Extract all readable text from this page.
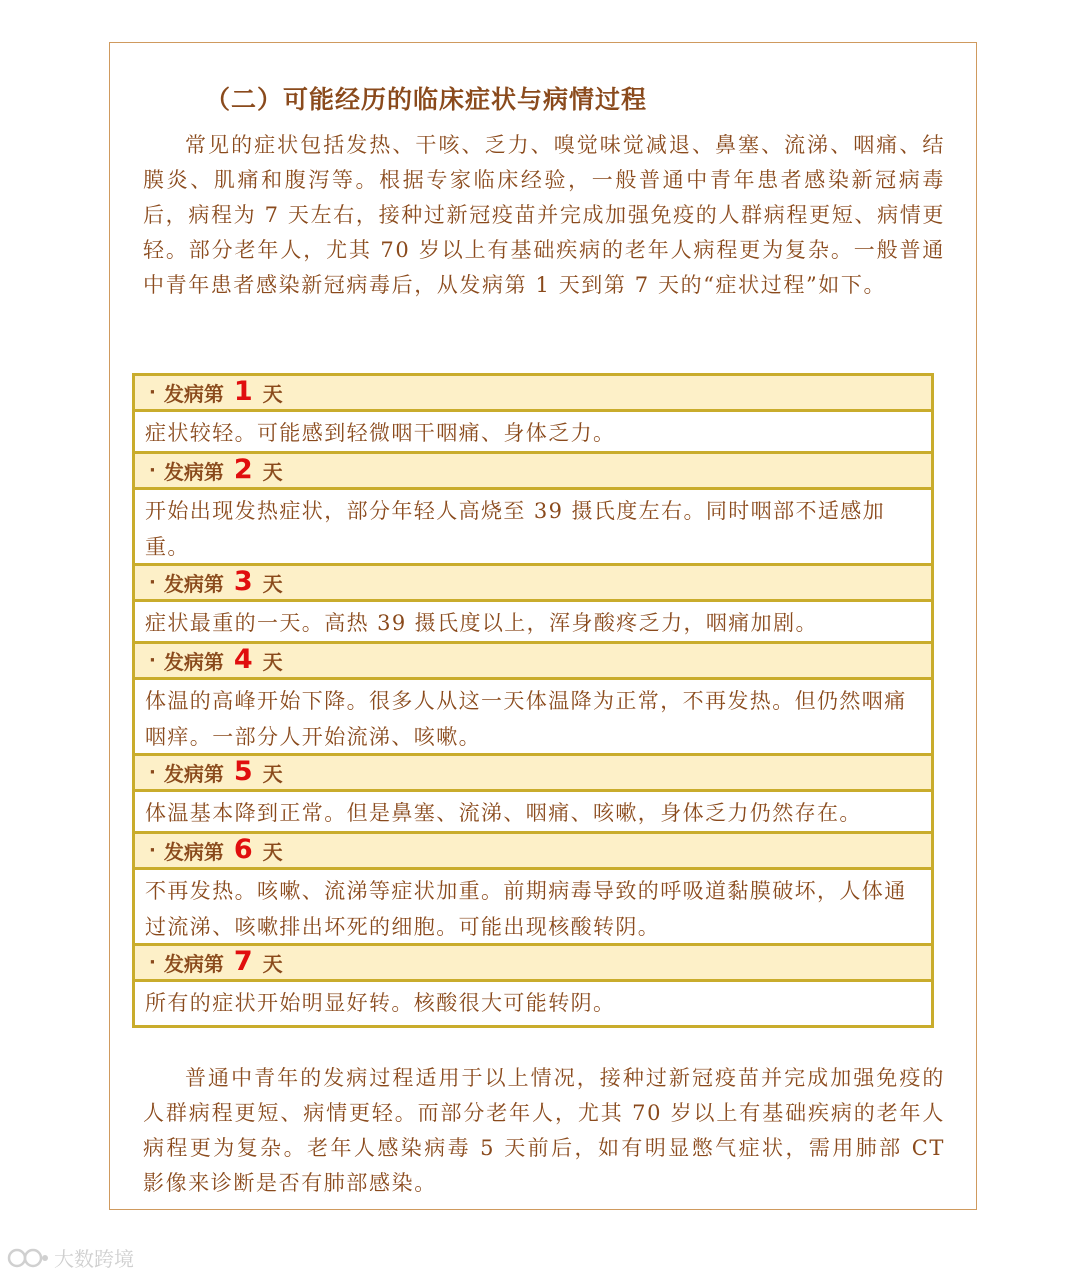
（二）可能经历的临床症状与病情过程

常见的症状包括发热、干咳、乏力、嗅觉味觉减退、鼻塞、流涕、咽痛、结膜炎、肌痛和腹泻等。根据专家临床经验，一般普通中青年患者感染新冠病毒后，病程为 7 天左右，接种过新冠疫苗并完成加强免疫的人群病程更短、病情更轻。部分老年人，尤其 70 岁以上有基础疾病的老年人病程更为复杂。一般普通中青年患者感染新冠病毒后，从发病第 1 天到第 7 天的“症状过程”如下。

· 发病第 1 天
症状较轻。可能感到轻微咽干咽痛、身体乏力。
· 发病第 2 天
开始出现发热症状，部分年轻人高烧至 39 摄氏度左右。同时咽部不适感加重。
· 发病第 3 天
症状最重的一天。高热 39 摄氏度以上，浑身酸疼乏力，咽痛加剧。
· 发病第 4 天
体温的高峰开始下降。很多人从这一天体温降为正常，不再发热。但仍然咽痛咽痒。一部分人开始流涕、咳嗽。
· 发病第 5 天
体温基本降到正常。但是鼻塞、流涕、咽痛、咳嗽，身体乏力仍然存在。
· 发病第 6 天
不再发热。咳嗽、流涕等症状加重。前期病毒导致的呼吸道黏膜破坏，人体通过流涕、咳嗽排出坏死的细胞。可能出现核酸转阴。
· 发病第 7 天
所有的症状开始明显好转。核酸很大可能转阴。

普通中青年的发病过程适用于以上情况，接种过新冠疫苗并完成加强免疫的人群病程更短、病情更轻。而部分老年人，尤其 70 岁以上有基础疾病的老年人病程更为复杂。老年人感染病毒 5 天前后，如有明显憋气症状，需用肺部 CT 影像来诊断是否有肺部感染。

大数跨境
